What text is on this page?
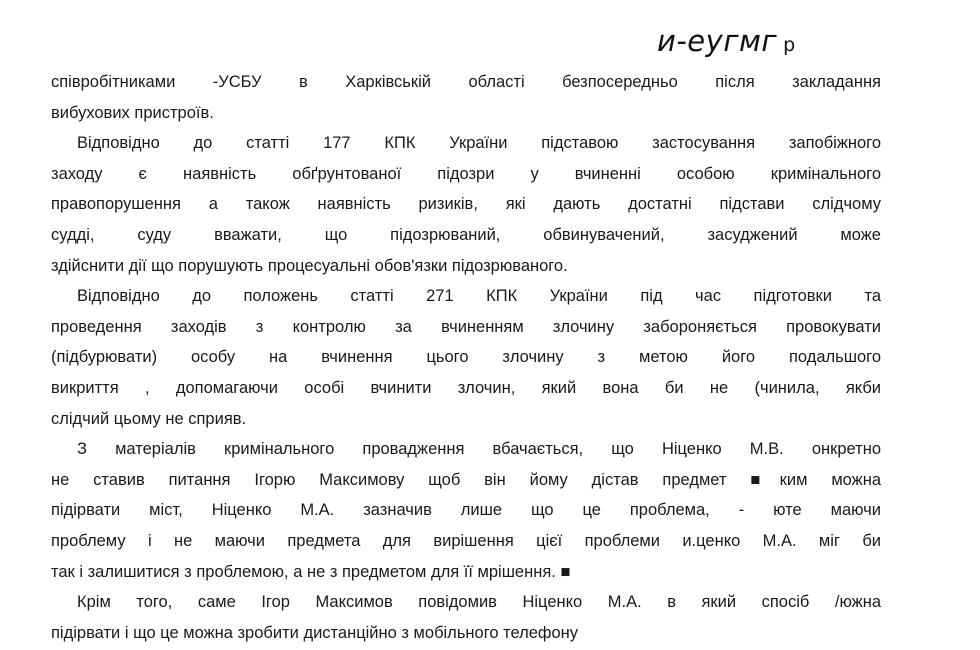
и-еугмг р
співробітниками -УСБУ в Харківській області безпосередньо після закладання
вибухових пристроїв.
Відповідно до статті 177 КПК України підставою застосування запобіжного
заходу є наявність обґрунтованої підозри у вчиненні особою кримінального
правопорушення а також наявність ризиків, які дають достатні підстави слідчому
судді, суду вважати, що підозрюваний, обвинувачений, засуджений може
здійснити дії що порушують процесуальні обов'язки підозрюваного.
Відповідно до положень статті 271 КПК України під час підготовки та
проведення заходів з контролю за вчиненням злочину забороняється провокувати
(підбурювати) особу на вчинення цього злочину з метою його подальшого
викриття , допомагаючи особі вчинити злочин, який вона би не (чинила, якби
слідчий цьому не сприяв.
З матеріалів кримінального провадження вбачається, що Ніценко М.В. онкретно
не ставив питання Ігорю Максимову щоб він йому дістав предмет ■ким можна
підірвати міст, Ніценко М.А. зазначив лише що це проблема, - юте маючи
проблему і не маючи предмета для вирішення цієї проблеми и.ценко М.А. міг би
так і залишитися з проблемою, а не з предметом для її мрішення. ■
Крім того, саме Ігор Максимов повідомив Ніценко М.А. в який спосіб /южна
підірвати і що це можна зробити дистанційно з мобільного телефону
